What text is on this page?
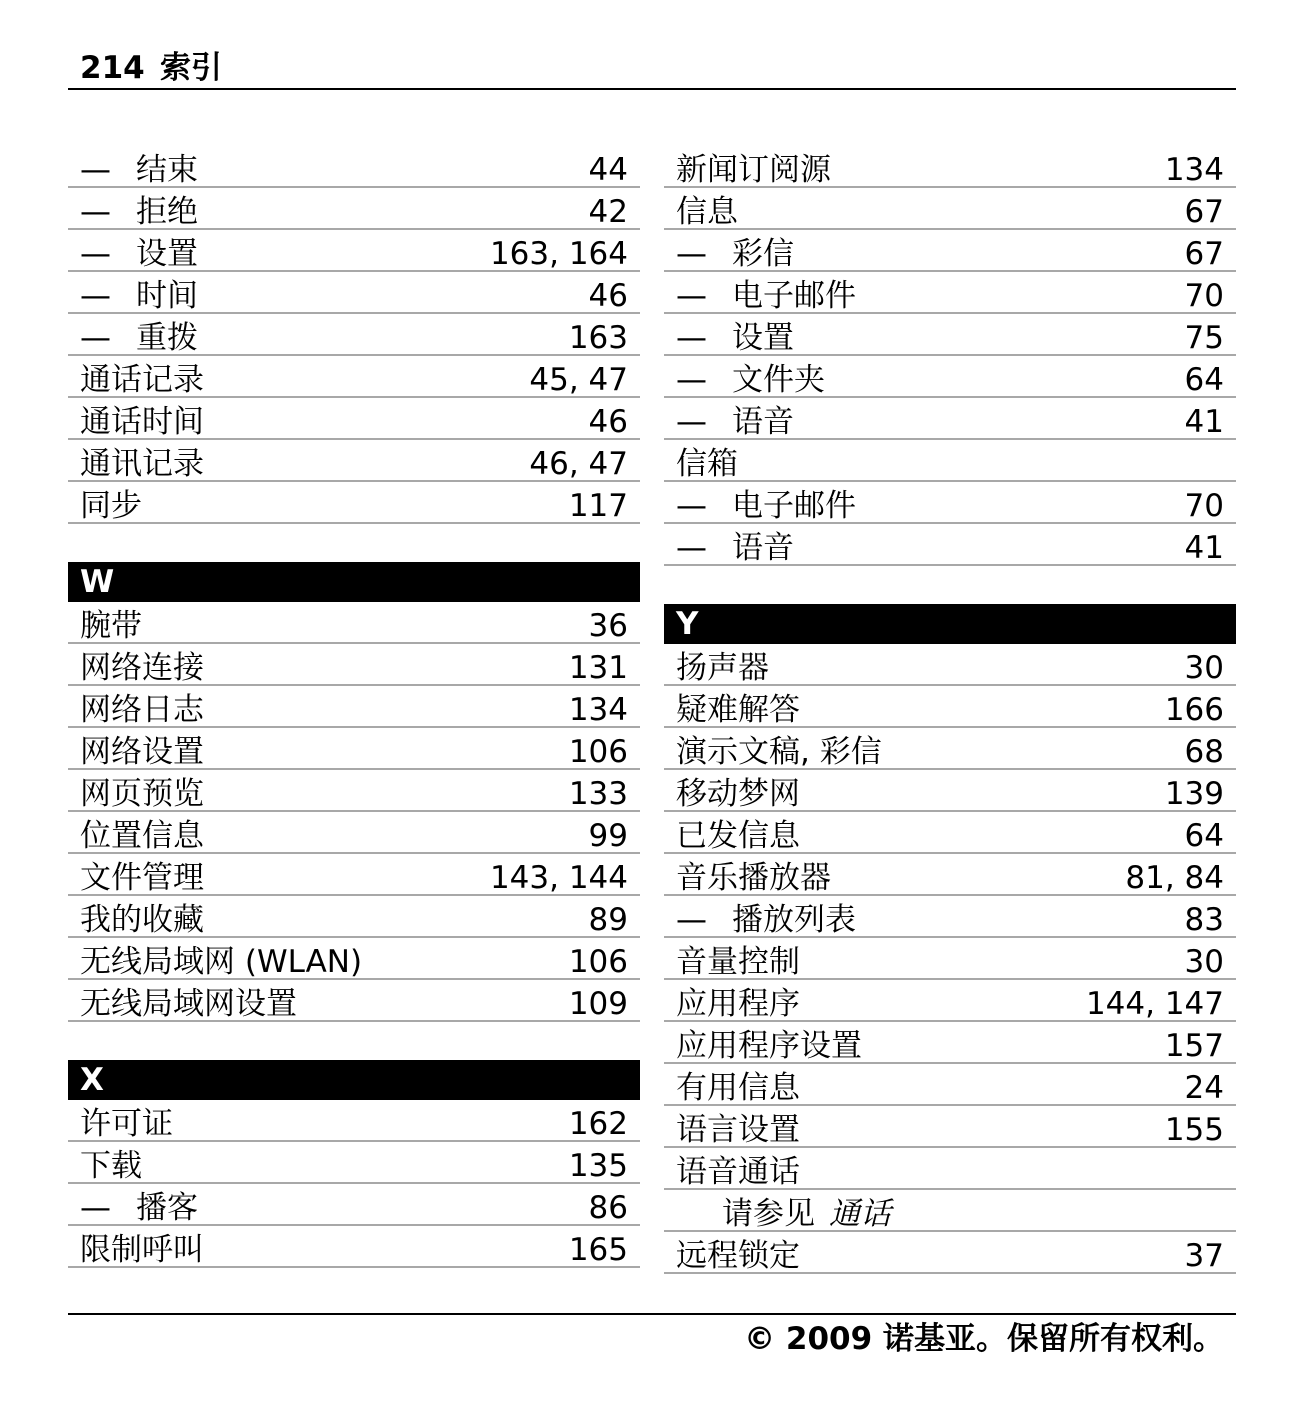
214 索引
— 结束	44
— 拒绝	42
— 设置	163, 164
— 时间	46
— 重拨	163
通话记录	45, 47
通话时间	46
通讯记录	46, 47
同步	117
W
腕带	36
网络连接	131
网络日志	134
网络设置	106
网页预览	133
位置信息	99
文件管理	143, 144
我的收藏	89
无线局域网 (WLAN)	106
无线局域网设置	109
X
许可证	162
下载	135
— 播客	86
限制呼叫	165
新闻订阅源	134
信息	67
— 彩信	67
— 电子邮件	70
— 设置	75
— 文件夹	64
— 语音	41
信箱
— 电子邮件	70
— 语音	41
Y
扬声器	30
疑难解答	166
演示文稿, 彩信	68
移动梦网	139
已发信息	64
音乐播放器	81, 84
— 播放列表	83
音量控制	30
应用程序	144, 147
应用程序设置	157
有用信息	24
语言设置	155
语音通话
请参见 通话
远程锁定	37
© 2009 诺基亚。保留所有权利。
